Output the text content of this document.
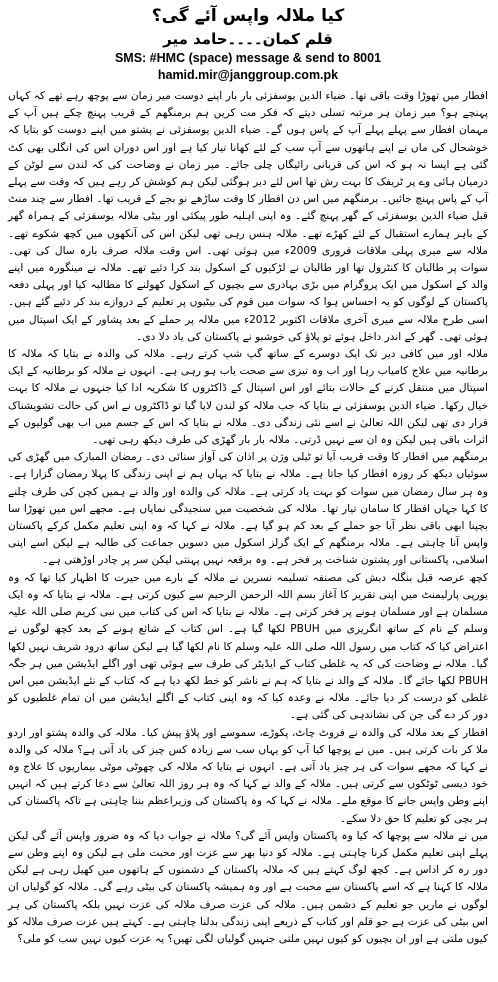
کیا ملالہ واپس آئے گی؟
قلم کمان۔۔۔۔حامد میر
SMS: #HMC (space) message & send to 8001
hamid.mir@janggroup.com.pk

افطار میں تھوڑا وقت باقی تھا۔ ضیاء الدین یوسفزئی بار بار اپنے دوست میر زمان سے پوچھ رہے تھے کہ کہاں پہنچے ہو؟ میر زمان ہر مرتبہ تسلی دیتے کہ فکر مت کریں ہم برمنگھم کے قریب پہنچ چکے ہیں آپ کے مہمان افطار سے پہلے پہلے آپ کے پاس ہوں گے۔ ضیاء الدین یوسفزئی نے پشتو میں اپنے دوست کو بتایا کہ خوشحال کی ماں نے اپنے ہاتھوں سے آپ سب کے لئے کھانا تیار کیا ہے اور اس دوران اس کی انگلی بھی کٹ گئی ہے ایسا نہ ہو کہ اس کی قربانی رائیگاں چلی جائے۔ میر زمان نے وضاحت کی کہ لندن سے لوٹن کے درمیان ہائی وے پر ٹریفک کا بہت رش تھا اس لئے دیر ہوگئی لیکن ہم کوشش کر رہے ہیں کہ وقت سے پہلے آپ کے پاس پہنچ جائیں۔ برمنگھم میں اس دن افطار کا وقت ساڑھے نو بجے کے قریب تھا۔ افطار سے چند منٹ قبل ضیاء الدین یوسفزئی کے گھر پہنچ گئے۔ وہ اپنی اہلیہ طور پیکئی اور بیٹی ملالہ یوسفزئی کے ہمراہ گھر کے باہر ہمارے استقبال کے لئے کھڑے تھے۔ ملالہ ہنس رہی تھی لیکن اس کی آنکھوں میں کچھ شکوے تھے۔ ملالہ سے میری پہلی ملاقات فروری 2009ء میں ہوئی تھی۔ اس وقت ملالہ صرف بارہ سال کی تھی۔ سوات پر طالبان کا کنٹرول تھا اور طالبان نے لڑکیوں کے اسکول بند کرا دئیے تھے۔ ملالہ نے مینگورہ میں اپنے والد کے اسکول میں ایک پروگرام میں بڑی بہادری سے بچیوں کے اسکول کھولنے کا مطالبہ کیا اور پہلی دفعہ پاکستان کے لوگوں کو یہ احساس ہوا کہ سوات میں قوم کی بیٹیوں پر تعلیم کے دروازے بند کر دئیے گئے ہیں۔ اسی طرح ملالہ سے میری آخری ملاقات اکتوبر 2012ء میں ملالہ پر حملے کے بعد پشاور کے ایک اسپتال میں ہوئی تھی۔ گھر کے اندر داخل ہوئے تو پلاؤ کی خوشبو نے پاکستان کی یاد دلا دی۔

ملالہ اور میں کافی دیر تک ایک دوسرے کے ساتھ گپ شپ کرتے رہے۔ ملالہ کی والدہ نے بتایا کہ ملالہ کا برطانیہ میں علاج کامیاب رہا اور اب وہ تیزی سے صحت یاب ہو رہی ہے۔ انہوں نے ملالہ کو برطانیہ کے ایک اسپتال میں منتقل کرنے کے حالات بتائے اور اس اسپتال کے ڈاکٹروں کا شکریہ ادا کیا جنہوں نے ملالہ کا بہت خیال رکھا۔ ضیاء الدین یوسفزئی نے بتایا کہ جب ملالہ کو لندن لایا گیا تو ڈاکٹروں نے اس کی حالت تشویشناک قرار دی تھی لیکن اللہ تعالیٰ نے اسے نئی زندگی دی۔ ملالہ نے بتایا کہ اس کے جسم میں اب بھی گولیوں کے اثرات باقی ہیں لیکن وہ ان سے نہیں ڈرتی۔ ملالہ بار بار گھڑی کی طرف دیکھ رہی تھی۔

برمنگھم میں افطار کا وقت قریب آیا تو ٹیلی وژن پر اذان کی آواز سنائی دی۔ رمضان المبارک میں گھڑی کی سوئیاں دیکھ کر روزہ افطار کیا جاتا ہے۔ ملالہ نے بتایا کہ یہاں ہم نے اپنی زندگی کا پہلا رمضان گزارا ہے۔ وہ ہر سال رمضان میں سوات کو بہت یاد کرتی ہے۔ ملالہ کی والدہ اور والد نے ہمیں کچن کی طرف چلنے کا کہا جہاں افطار کا سامان تیار تھا۔ ملالہ کی شخصیت میں سنجیدگی نمایاں ہے۔ مجھے اس میں تھوڑا سا بچپنا ابھی باقی نظر آیا جو حملے کے بعد کم ہو گیا ہے۔ ملالہ نے کہا کہ وہ اپنی تعلیم مکمل کرکے پاکستان واپس آنا چاہتی ہے۔ ملالہ برمنگھم کے ایک گرلز اسکول میں دسویں جماعت کی طالبہ ہے لیکن اسے اپنی اسلامی، پاکستانی اور پشتون شناخت پر فخر ہے۔ وہ برقعہ نہیں پہنتی لیکن سر پر چادر اوڑھتی ہے۔

کچھ عرصہ قبل بنگلہ دیش کی مصنفہ تسلیمہ نسرین نے ملالہ کے بارے میں حیرت کا اظہار کیا تھا کہ وہ یورپی پارلیمنٹ میں اپنی تقریر کا آغاز بسم اللہ الرحمن الرحیم سے کیوں کرتی ہے۔ ملالہ نے بتایا کہ وہ ایک مسلمان ہے اور مسلمان ہونے پر فخر کرتی ہے۔ ملالہ نے بتایا کہ اس کی کتاب میں نبی کریم صلی اللہ علیہ وسلم کے نام کے ساتھ انگریزی میں PBUH لکھا گیا ہے۔ اس کتاب کے شائع ہونے کے بعد کچھ لوگوں نے اعتراض کیا کہ کتاب میں رسول اللہ صلی اللہ علیہ وسلم کا نام لکھا گیا ہے لیکن ساتھ درود شریف نہیں لکھا گیا۔ ملالہ نے وضاحت کی کہ یہ غلطی کتاب کے ایڈیٹر کی طرف سے ہوئی تھی اور اگلے ایڈیشن میں ہر جگہ PBUH لکھا جائے گا۔ ملالہ کے والد نے بتایا کہ ہم نے ناشر کو خط لکھ دیا ہے کہ کتاب کے نئے ایڈیشن میں اس غلطی کو درست کر دیا جائے۔ ملالہ نے وعدہ کیا کہ وہ اپنی کتاب کے اگلے ایڈیشن میں ان تمام غلطیوں کو دور کر دے گی جن کی نشاندہی کی گئی ہے۔

افطار کے بعد ملالہ کی والدہ نے فروٹ چاٹ، پکوڑے، سموسے اور پلاؤ پیش کیا۔ ملالہ کی والدہ پشتو اور اردو ملا کر بات کرتی ہیں۔ میں نے پوچھا کیا آپ کو یہاں سب سے زیادہ کس چیز کی یاد آتی ہے؟ ملالہ کی والدہ نے کہا کہ مجھے سوات کی ہر چیز یاد آتی ہے۔ انہوں نے بتایا کہ ملالہ کی چھوٹی موٹی بیماریوں کا علاج وہ خود دیسی ٹوٹکوں سے کرتی ہیں۔ ملالہ کے والد نے کہا کہ وہ ہر روز اللہ تعالیٰ سے دعا کرتے ہیں کہ انہیں اپنے وطن واپس جانے کا موقع ملے۔ ملالہ نے کہا کہ وہ پاکستان کی وزیراعظم بننا چاہتی ہے تاکہ پاکستان کی ہر بچی کو تعلیم کا حق دلا سکے۔

میں نے ملالہ سے پوچھا کہ کیا وہ پاکستان واپس آئے گی؟ ملالہ نے جواب دیا کہ وہ ضرور واپس آئے گی لیکن پہلے اپنی تعلیم مکمل کرنا چاہتی ہے۔ ملالہ کو دنیا بھر سے عزت اور محبت ملی ہے لیکن وہ اپنے وطن سے دور رہ کر اداس ہے۔ کچھ لوگ کہتے ہیں کہ ملالہ پاکستان کے دشمنوں کے ہاتھوں میں کھیل رہی ہے لیکن ملالہ کا کہنا ہے کہ اسے پاکستان سے محبت ہے اور وہ ہمیشہ پاکستان کی بیٹی رہے گی۔ ملالہ کو گولیاں ان لوگوں نے ماریں جو تعلیم کے دشمن ہیں۔ ملالہ کی عزت صرف ملالہ کی عزت نہیں بلکہ پاکستان کی ہر اس بیٹی کی عزت ہے جو قلم اور کتاب کے ذریعے اپنی زندگی بدلنا چاہتی ہے۔ کہتے ہیں عزت صرف ملالہ کو کیوں ملتی ہے اور ان بچیوں کو کیوں نہیں ملتی جنہیں گولیاں لگی تھیں؟ یہ عزت کیوں نہیں سب کو ملی؟
